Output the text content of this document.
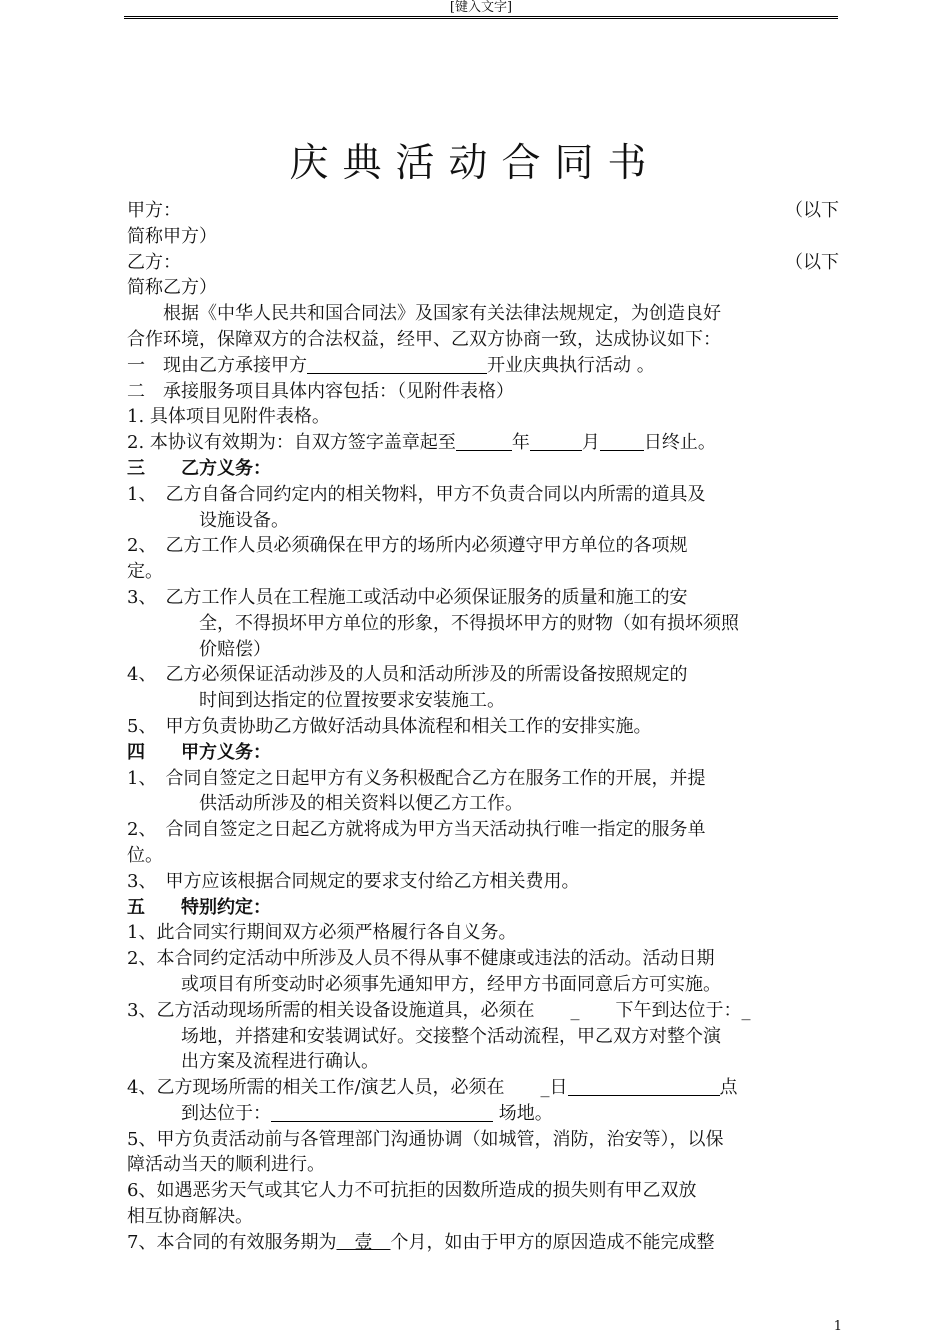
[键入文字]
庆典活动合同书
甲方：	（以下
简称甲方）
乙方：	（以下
简称乙方）
　　根据《中华人民共和国合同法》及国家有关法律法规规定，为创造良好
合作环境，保障双方的合法权益，经甲、乙双方协商一致，达成协议如下：
一　现由乙方承接甲方	开业庆典执行活动 。
二　承接服务项目具体内容包括：（见附件表格）
1. 具体项目见附件表格。
2. 本协议有效期为：自双方签字盖章起至	年	月 日终止。
三　　乙方义务：
1、　乙方自备合同约定内的相关物料，甲方不负责合同以内所需的道具及
　　　　设施设备。
2、　乙方工作人员必须确保在甲方的场所内必须遵守甲方单位的各项规
定。
3、　乙方工作人员在工程施工或活动中必须保证服务的质量和施工的安
　　　　全，不得损坏甲方单位的形象，不得损坏甲方的财物（如有损坏须照
　　　　价赔偿）
4、　乙方必须保证活动涉及的人员和活动所涉及的所需设备按照规定的
　　　　时间到达指定的位置按要求安装施工。
5、　甲方负责协助乙方做好活动具体流程和相关工作的安排实施。
四　　甲方义务：
1、　合同自签定之日起甲方有义务积极配合乙方在服务工作的开展，并提
　　　　供活动所涉及的相关资料以便乙方工作。
2、　合同自签定之日起乙方就将成为甲方当天活动执行唯一指定的服务单
位。
3、　甲方应该根据合同规定的要求支付给乙方相关费用。
五　　特别约定：
1、此合同实行期间双方必须严格履行各自义务。
2、本合同约定活动中所涉及人员不得从事不健康或违法的活动。活动日期
　　　或项目有所变动时必须事先通知甲方，经甲方书面同意后方可实施。
3、乙方活动现场所需的相关设备设施道具，必须在　　_　　下午到达位于：_
　　　场地，并搭建和安装调试好。交接整个活动流程，甲乙双方对整个演
　　　出方案及流程进行确认。
4、乙方现场所需的相关工作/演艺人员，必须在　　_日	点
　　　到达位于：	场地。
5、甲方负责活动前与各管理部门沟通协调（如城管，消防，治安等），以保
障活动当天的顺利进行。
6、如遇恶劣天气或其它人力不可抗拒的因数所造成的损失则有甲乙双放
相互协商解决。
7、本合同的有效服务期为　壹　个月，如由于甲方的原因造成不能完成整
1
